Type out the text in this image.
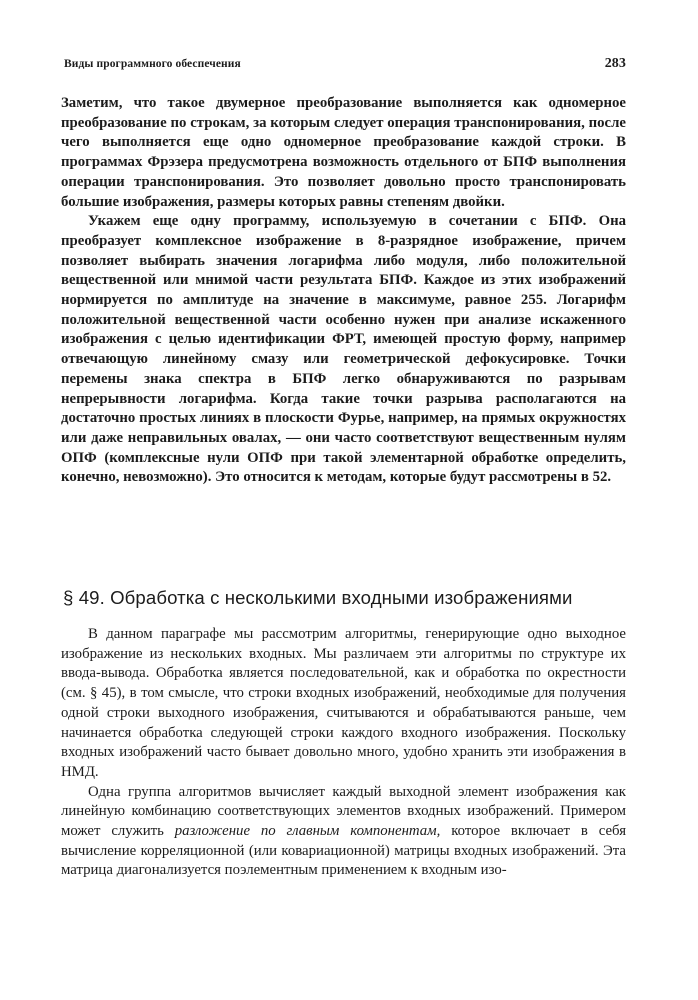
Виды программного обеспечения	283

Заметим, что такое двумерное преобразование выполняется как одномерное преобразование по строкам, за которым следует операция транспонирования, после чего выполняется еще одно одномерное преобразование каждой строки. В программах Фрэзера предусмотрена возможность отдельного от БПФ выполнения операции транспонирования. Это позволяет довольно просто транспонировать большие изображения, размеры которых равны степеням двойки.

Укажем еще одну программу, используемую в сочетании с БПФ. Она преобразует комплексное изображение в 8-разрядное изображение, причем позволяет выбирать значения логарифма либо модуля, либо положительной вещественной или мнимой части результата БПФ. Каждое из этих изображений нормируется по амплитуде на значение в максимуме, равное 255. Логарифм положительной вещественной части особенно нужен при анализе искаженного изображения с целью идентификации ФРТ, имеющей простую форму, например отвечающую линейному смазу или геометрической дефокусировке. Точки перемены знака спектра в БПФ легко обнаруживаются по разрывам непрерывности логарифма. Когда такие точки разрыва располагаются на достаточно простых линиях в плоскости Фурье, например, на прямых окружностях или даже неправильных овалах, — они часто соответствуют вещественным нулям ОПФ (комплексные нули ОПФ при такой элементарной обработке определить, конечно, невозможно). Это относится к методам, которые будут рассмотрены в 52.

§ 49. Обработка с несколькими входными изображениями

В данном параграфе мы рассмотрим алгоритмы, генерирующие одно выходное изображение из нескольких входных. Мы различаем эти алгоритмы по структуре их ввода-вывода. Обработка является последовательной, как и обработка по окрестности (см. § 45), в том смысле, что строки входных изображений, необходимые для получения одной строки выходного изображения, считываются и обрабатываются раньше, чем начинается обработка следующей строки каждого входного изображения. Поскольку входных изображений часто бывает довольно много, удобно хранить эти изображения в НМД.

Одна группа алгоритмов вычисляет каждый выходной элемент изображения как линейную комбинацию соответствующих элементов входных изображений. Примером может служить разложение по главным компонентам, которое включает в себя вычисление корреляционной (или ковариационной) матрицы входных изображений. Эта матрица диагонализуется поэлементным применением к входным изо-
